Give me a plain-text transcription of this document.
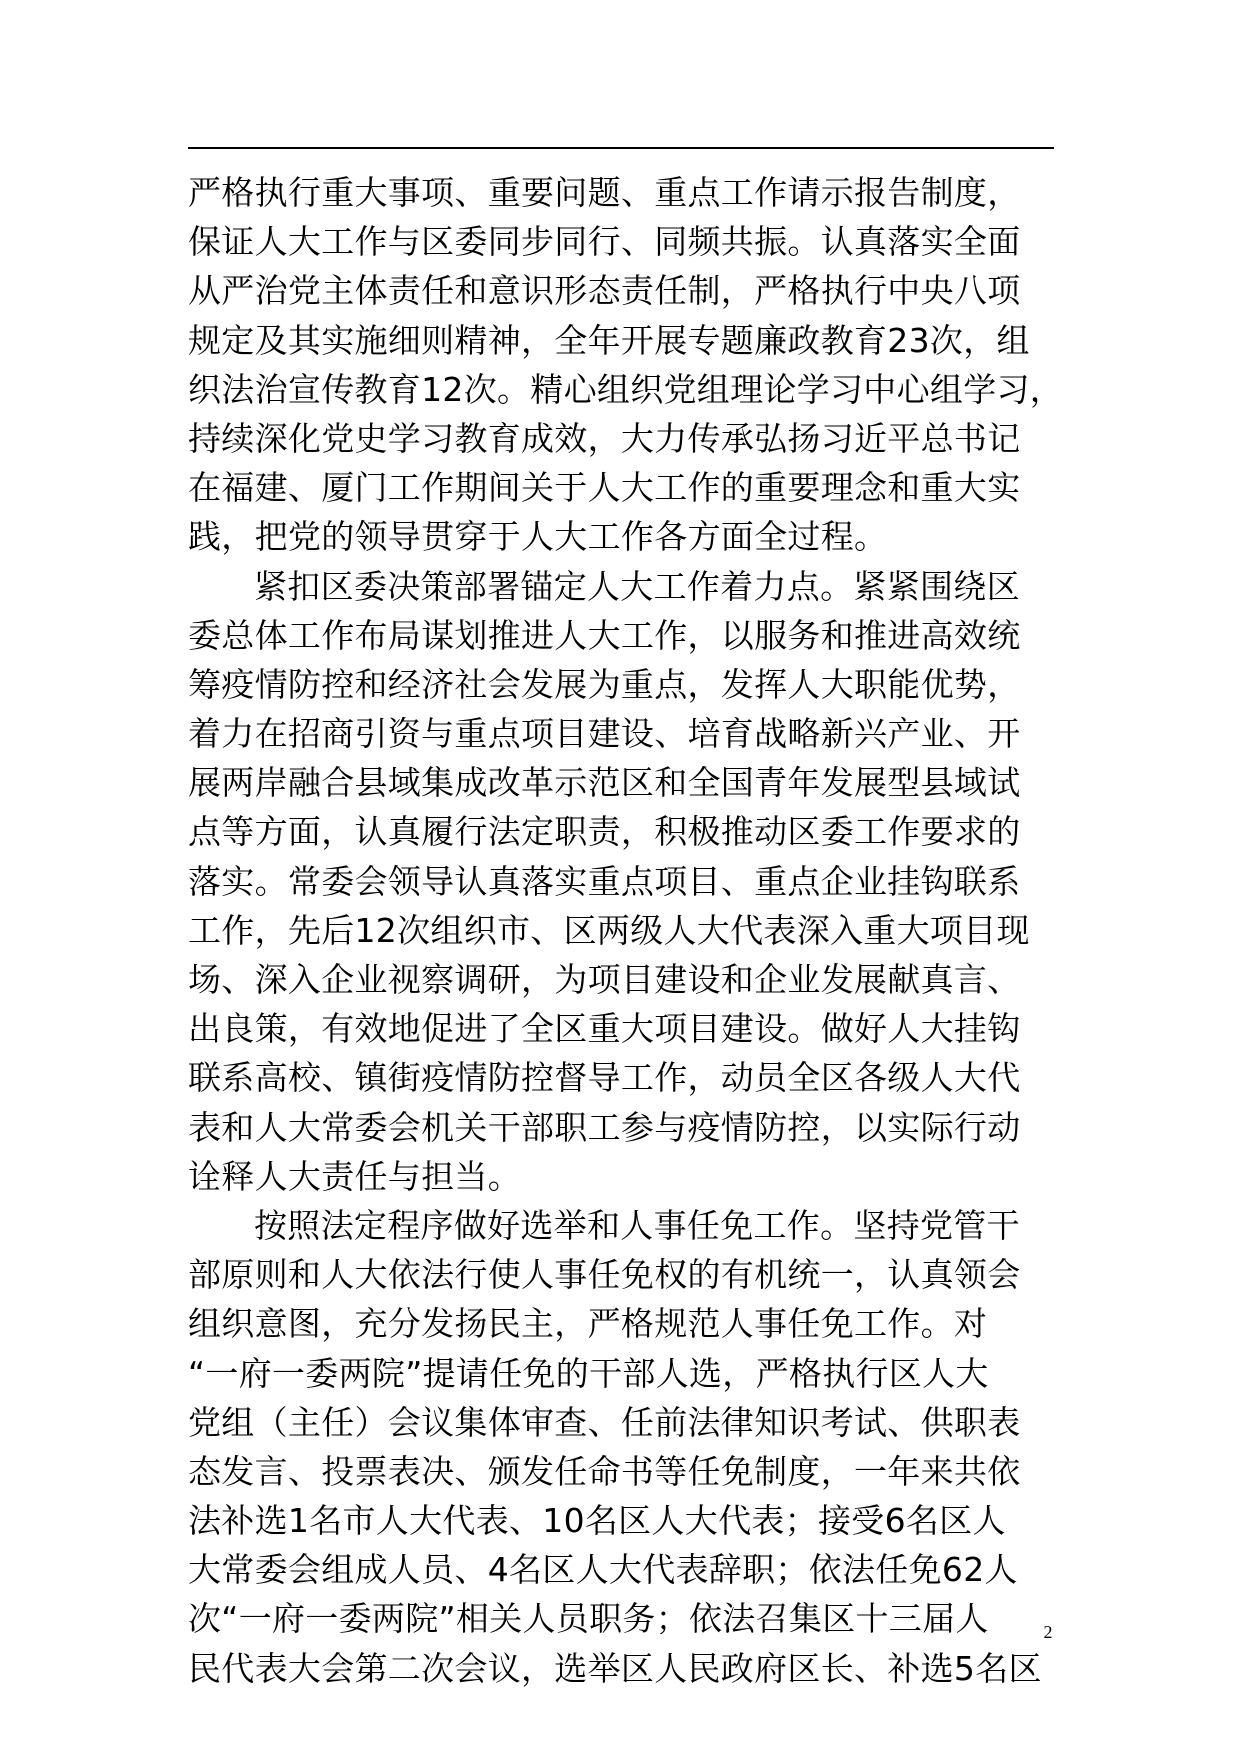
严格执行重大事项、重要问题、重点工作请示报告制度，
保证人大工作与区委同步同行、同频共振。认真落实全面
从严治党主体责任和意识形态责任制，严格执行中央八项
规定及其实施细则精神，全年开展专题廉政教育23次，组
织法治宣传教育12次。精心组织党组理论学习中心组学习，
持续深化党史学习教育成效，大力传承弘扬习近平总书记
在福建、厦门工作期间关于人大工作的重要理念和重大实
践，把党的领导贯穿于人大工作各方面全过程。
紧扣区委决策部署锚定人大工作着力点。紧紧围绕区
委总体工作布局谋划推进人大工作，以服务和推进高效统
筹疫情防控和经济社会发展为重点，发挥人大职能优势，
着力在招商引资与重点项目建设、培育战略新兴产业、开
展两岸融合县域集成改革示范区和全国青年发展型县域试
点等方面，认真履行法定职责，积极推动区委工作要求的
落实。常委会领导认真落实重点项目、重点企业挂钩联系
工作，先后12次组织市、区两级人大代表深入重大项目现
场、深入企业视察调研，为项目建设和企业发展献真言、
出良策，有效地促进了全区重大项目建设。做好人大挂钩
联系高校、镇街疫情防控督导工作，动员全区各级人大代
表和人大常委会机关干部职工参与疫情防控，以实际行动
诠释人大责任与担当。
按照法定程序做好选举和人事任免工作。坚持党管干
部原则和人大依法行使人事任免权的有机统一，认真领会
组织意图，充分发扬民主，严格规范人事任免工作。对
“一府一委两院”提请任免的干部人选，严格执行区人大
党组（主任）会议集体审查、任前法律知识考试、供职表
态发言、投票表决、颁发任命书等任免制度，一年来共依
法补选1名市人大代表、10名区人大代表；接受6名区人
大常委会组成人员、4名区人大代表辞职；依法任免62人
次“一府一委两院”相关人员职务；依法召集区十三届人
民代表大会第二次会议，选举区人民政府区长、补选5名区
2
